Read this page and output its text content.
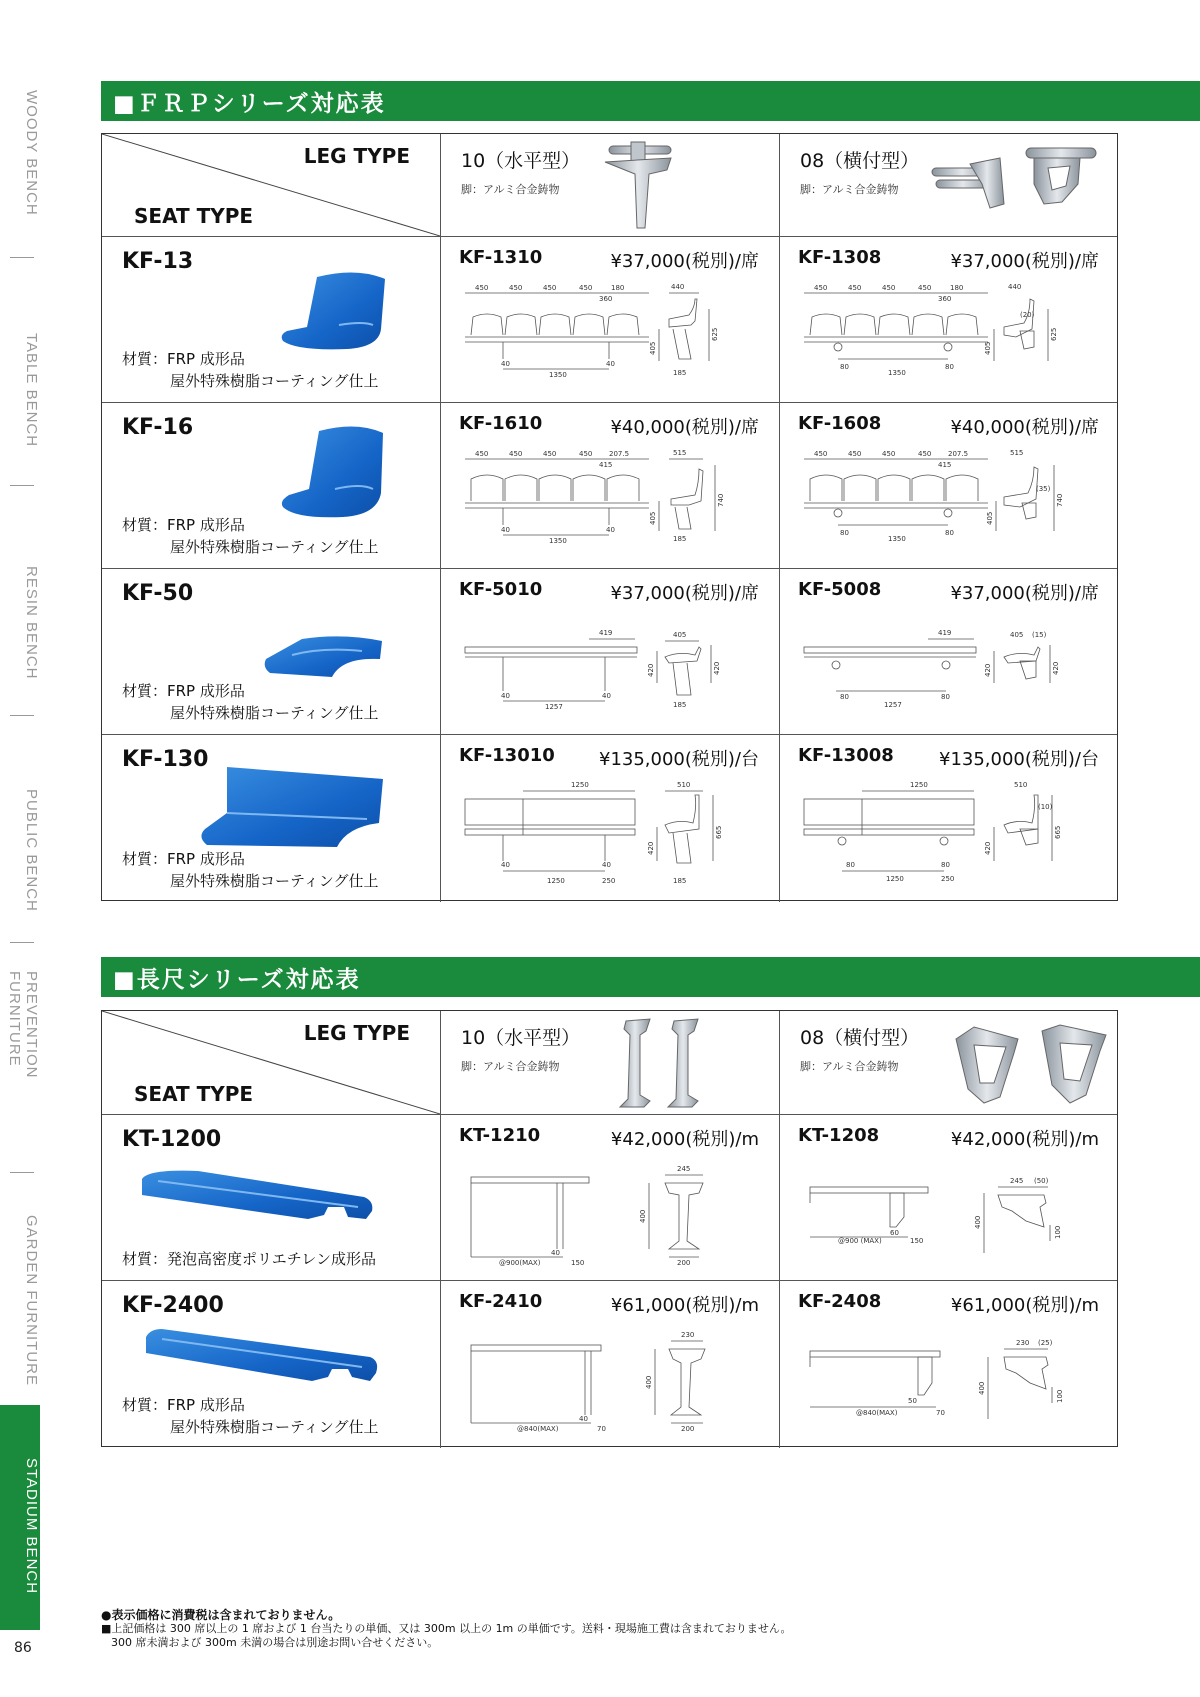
WOODY BENCH
TABLE BENCH
RESIN BENCH
PUBLIC BENCH
PREVENTION FURNITURE
GARDEN FURNITURE
STADIUM BENCH
86
■ＦＲＰシリーズ対応表
LEG TYPE
SEAT TYPE
10（水平型）
脚：アルミ合金鋳物
08（横付型）
脚：アルミ合金鋳物
KF-13
材質：FRP 成形品
屋外特殊樹脂コーティング仕上
KF-1310	¥37,000(税別)/席
450	450	450	450	180
360
440
40
1350
40
405
625
185
KF-1308	¥37,000(税別)/席
450	450	450	450	180
360
440
80
1350
80
(20)
405
625
KF-16
材質：FRP 成形品
屋外特殊樹脂コーティング仕上
KF-1610	¥40,000(税別)/席
450	450	450	450 207.5
415
515
40
1350
40
405
740
185
KF-1608	¥40,000(税別)/席
450	450	450	450 207.5
415
515
80
1350
80
(35)
405
740
KF-50
材質：FRP 成形品
屋外特殊樹脂コーティング仕上
KF-5010	¥37,000(税別)/席
419	405
40
1257
40
420	420
185
KF-5008	¥37,000(税別)/席
419	405 (15)
80
1257
80
420	420
KF-130
材質：FRP 成形品
屋外特殊樹脂コーティング仕上
KF-13010 ¥135,000(税別)/台
1250	510
40
1250
40
250
420
665
185
KF-13008	¥135,000(税別)/台
1250	510
(10)
80
1250
80
250
420
665
■長尺シリーズ対応表
LEG TYPE
SEAT TYPE
10（水平型）
脚：アルミ合金鋳物
08（横付型）
脚：アルミ合金鋳物
KT-1200
材質：発泡高密度ポリエチレン成形品
KT-1210	¥42,000(税別)/m
245
@900(MAX)
40
150
400
200
KT-1208	¥42,000(税別)/m
245 (50)
@900 (MAX)
60
150
400
100
KF-2400
材質：FRP 成形品
屋外特殊樹脂コーティング仕上
KF-2410	¥61,000(税別)/m
230
@840(MAX)
40
70
400
200
KF-2408	¥61,000(税別)/m
230 (25)
@840(MAX)
50
70
400
100
●表示価格に消費税は含まれておりません。
■上記価格は 300 席以上の 1 席および 1 台当たりの単価、又は 300m 以上の 1m の単価です。送料・現場施工費は含まれておりません。
300 席未満および 300m 未満の場合は別途お問い合せください。
